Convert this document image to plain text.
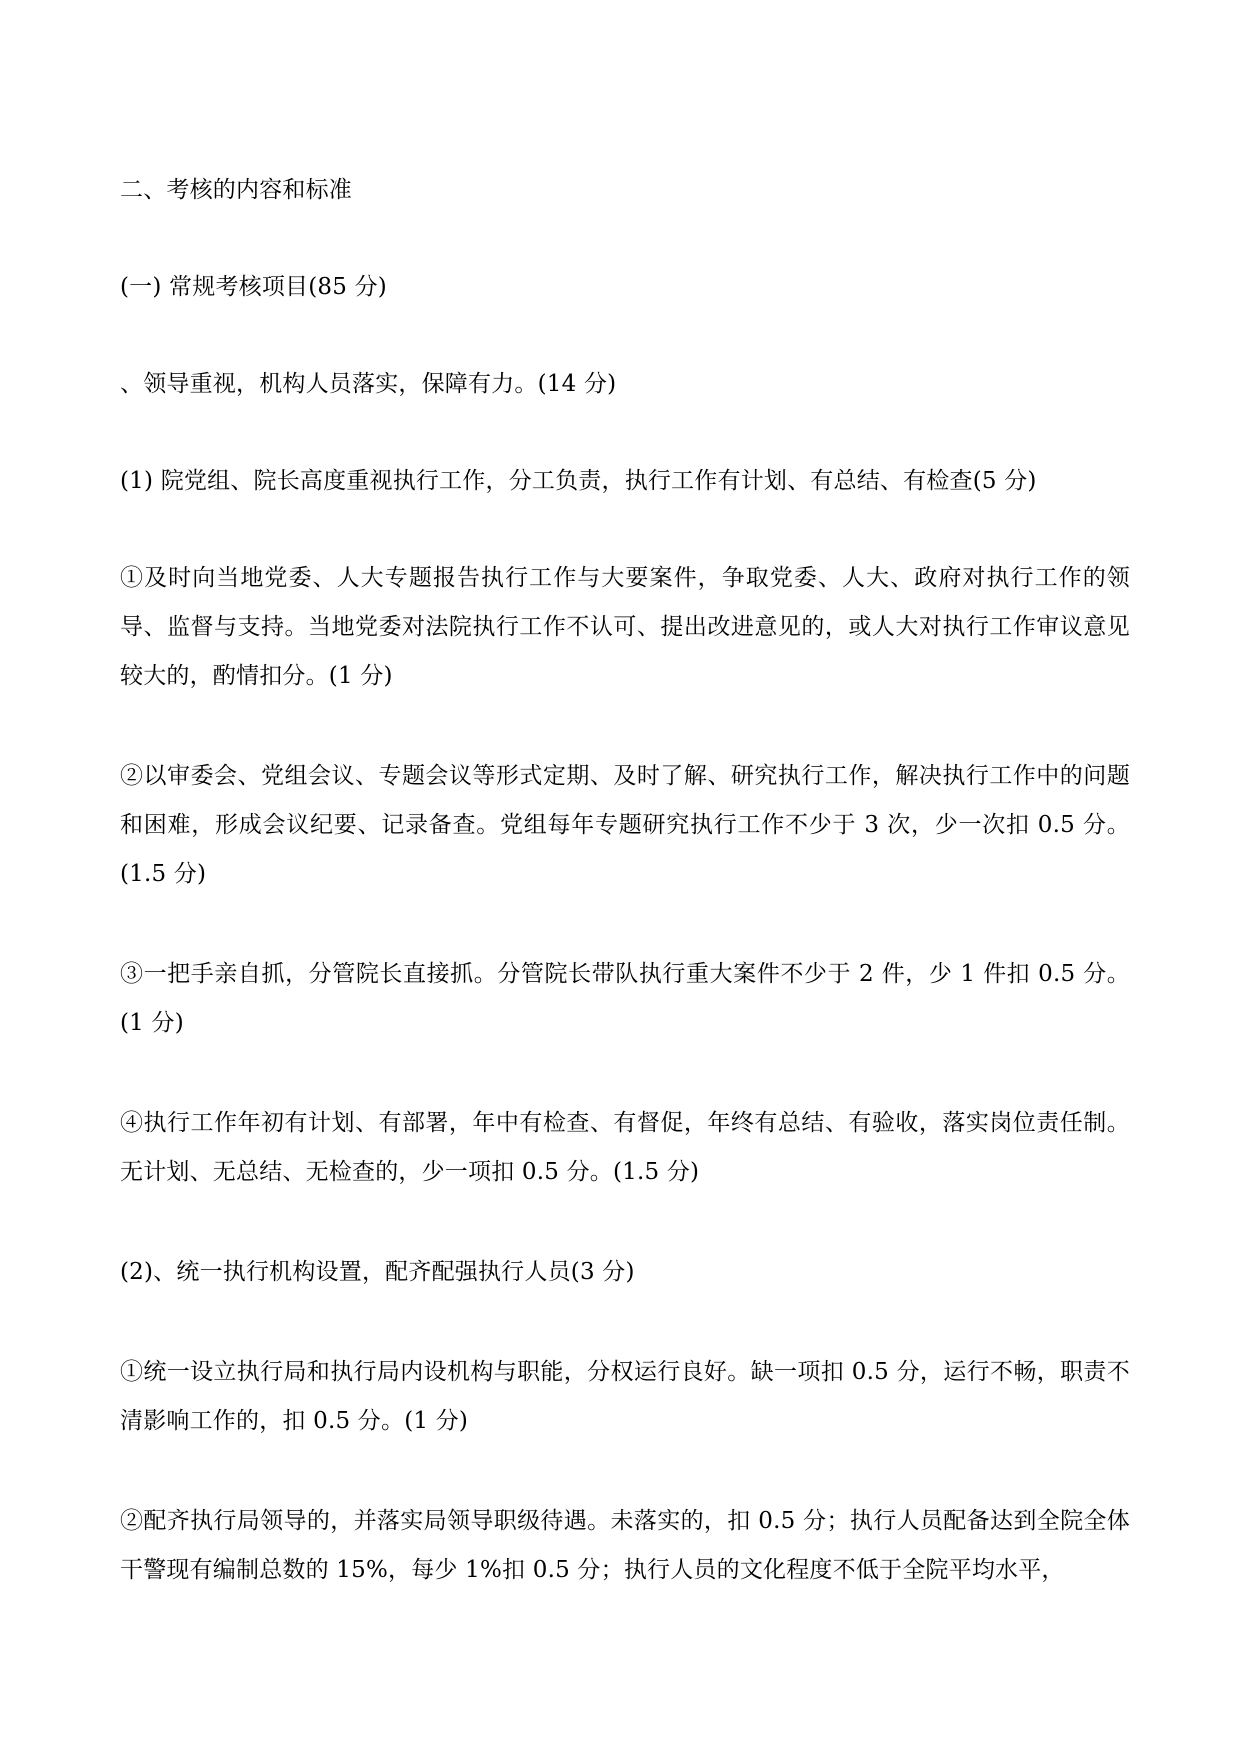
二、考核的内容和标准

(一) 常规考核项目(85 分)

、领导重视，机构人员落实，保障有力。(14 分)

(1) 院党组、院长高度重视执行工作，分工负责，执行工作有计划、有总结、有检查(5 分)

①及时向当地党委、人大专题报告执行工作与大要案件，争取党委、人大、政府对执行工作的领导、监督与支持。当地党委对法院执行工作不认可、提出改进意见的，或人大对执行工作审议意见较大的，酌情扣分。(1 分)

②以审委会、党组会议、专题会议等形式定期、及时了解、研究执行工作，解决执行工作中的问题和困难，形成会议纪要、记录备查。党组每年专题研究执行工作不少于 3 次，少一次扣 0.5 分。(1.5 分)

③一把手亲自抓，分管院长直接抓。分管院长带队执行重大案件不少于 2 件，少 1 件扣 0.5 分。(1 分)

④执行工作年初有计划、有部署，年中有检查、有督促，年终有总结、有验收，落实岗位责任制。无计划、无总结、无检查的，少一项扣 0.5 分。(1.5 分)

(2)、统一执行机构设置，配齐配强执行人员(3 分)

①统一设立执行局和执行局内设机构与职能，分权运行良好。缺一项扣 0.5 分，运行不畅，职责不清影响工作的，扣 0.5 分。(1 分)

②配齐执行局领导的，并落实局领导职级待遇。未落实的，扣 0.5 分；执行人员配备达到全院全体干警现有编制总数的 15%，每少 1%扣 0.5 分；执行人员的文化程度不低于全院平均水平，
